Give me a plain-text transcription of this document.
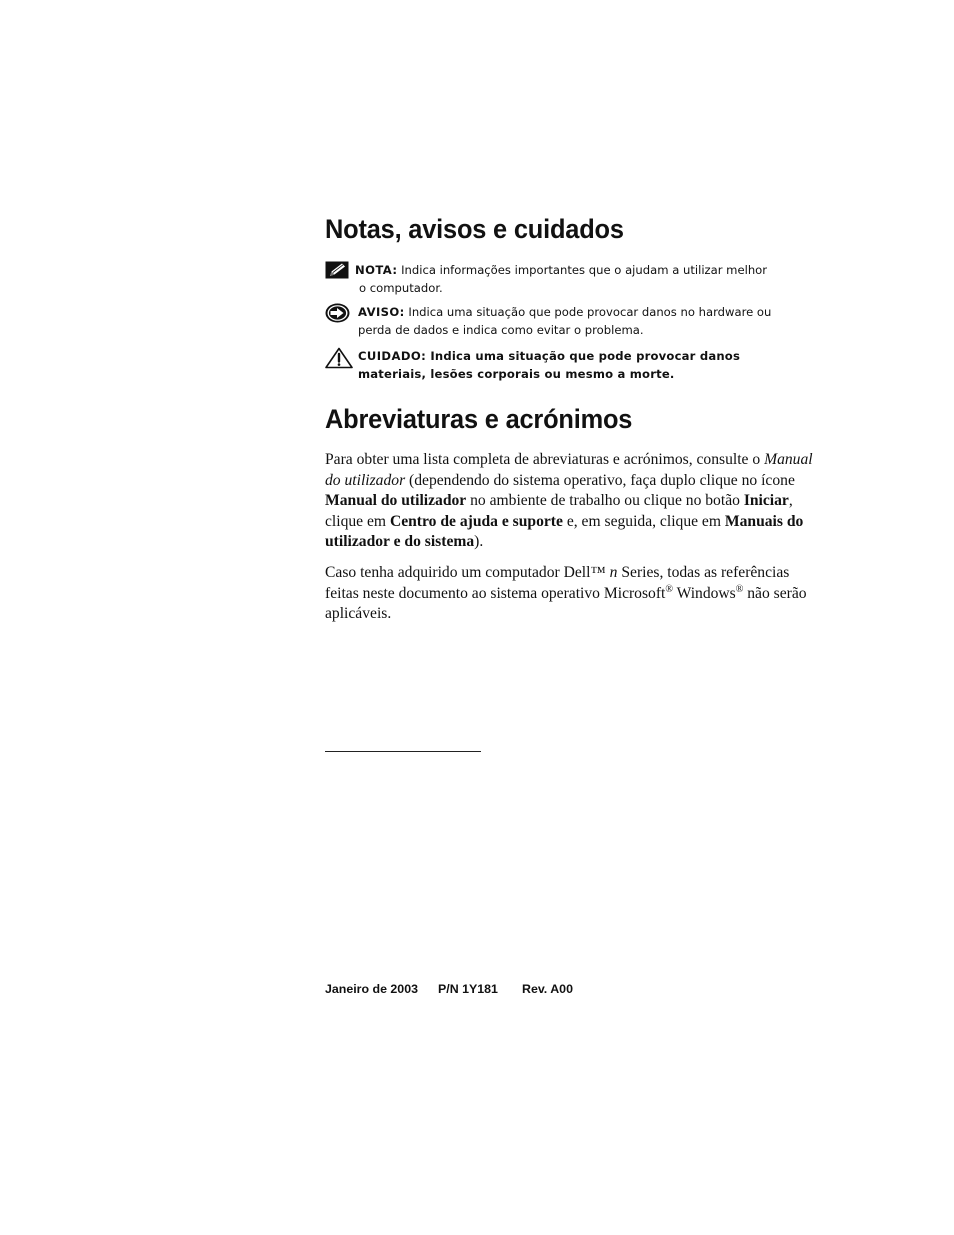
Notas, avisos e cuidados
NOTA: Indica informações importantes que o ajudam a utilizar melhor
o computador.
AVISO: Indica uma situação que pode provocar danos no hardware ou
perda de dados e indica como evitar o problema.
CUIDADO: Indica uma situação que pode provocar danos
materiais, lesões corporais ou mesmo a morte.
Abreviaturas e acrónimos

Para obter uma lista completa de abreviaturas e acrónimos, consulte o Manual do utilizador (dependendo do sistema operativo, faça duplo clique no ícone Manual do utilizador no ambiente de trabalho ou clique no botão Iniciar, clique em Centro de ajuda e suporte e, em seguida, clique em Manuais do utilizador e do sistema).

Caso tenha adquirido um computador Dell™ n Series, todas as referências feitas neste documento ao sistema operativo Microsoft® Windows® não serão aplicáveis.

Janeiro de 2003 P/N 1Y181 Rev. A00
